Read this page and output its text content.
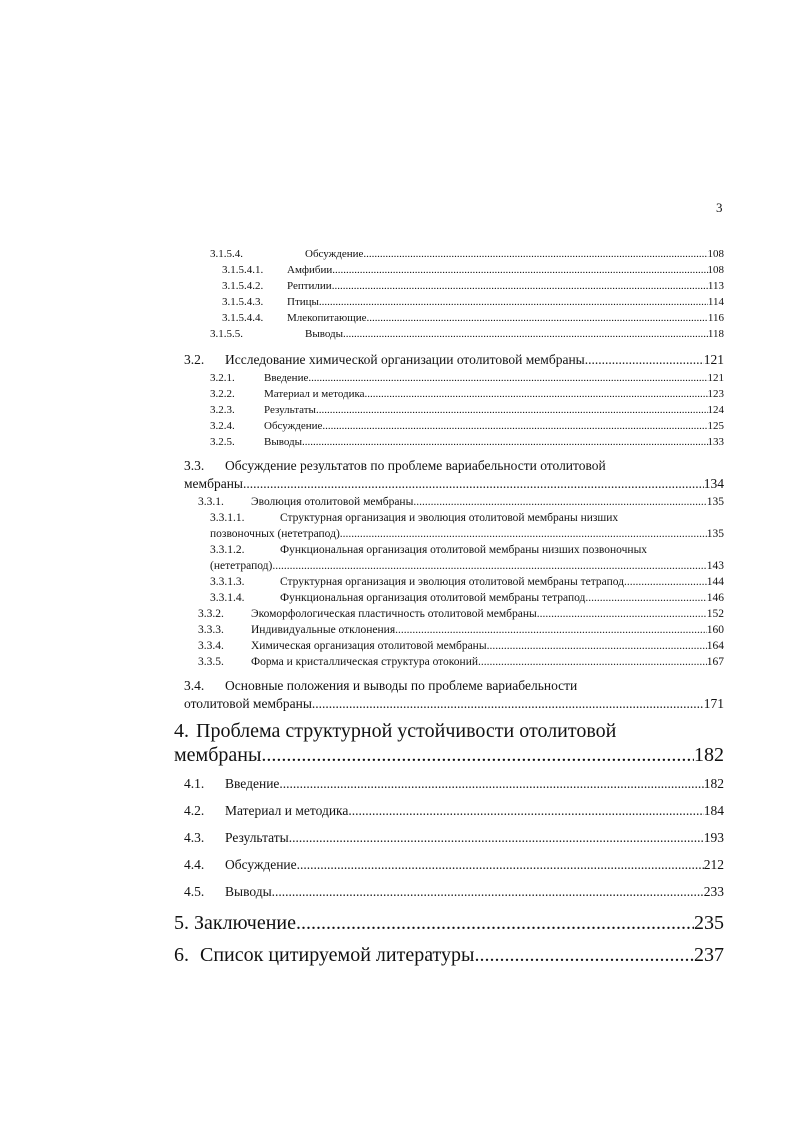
3
3.1.5.4.	Обсуждение .....	108
3.1.5.4.1.	Амфибии .....	108
3.1.5.4.2.	Рептилии .....	113
3.1.5.4.3.	Птицы .....	114
3.1.5.4.4.	Млекопитающие .....	116
3.1.5.5.	Выводы .....	118
3.2.	Исследование химической организации отолитовой мембраны .....	121
3.2.1.	Введение .....	121
3.2.2.	Материал и методика .....	123
3.2.3.	Результаты .....	124
3.2.4.	Обсуждение .....	125
3.2.5.	Выводы .....	133
3.3. Обсуждение результатов по проблеме вариабельности отолитовой
мембраны .....	134
3.3.1.	Эволюция отолитовой мембраны .....	135
3.3.1.1.	Структурная организация и эволюция отолитовой мембраны низших
позвоночных (нететрапод) .....	135
3.3.1.2.	Функциональная организация отолитовой мембраны низших позвоночных
(нететрапод) .....	143
3.3.1.3.	Структурная организация и эволюция отолитовой мембраны тетрапод .....	144
3.3.1.4.	Функциональная организация отолитовой мембраны тетрапод .....	146
3.3.2.	Экоморфологическая пластичность отолитовой мембраны .....	152
3.3.3.	Индивидуальные отклонения .....	160
3.3.4.	Химическая организация отолитовой мембраны .....	164
3.3.5.	Форма и кристаллическая структура отоконий .....	167
3.4. Основные положения и выводы по проблеме вариабельности
отолитовой мембраны .....	171
4. Проблема структурной устойчивости отолитовой
мембраны .....	182
4.1.	Введение .....	182
4.2.	Материал и методика .....	184
4.3.	Результаты .....	193
4.4.	Обсуждение .....	212
4.5.	Выводы .....	233
5. Заключение .....	235
6. Список цитируемой литературы .....	237
